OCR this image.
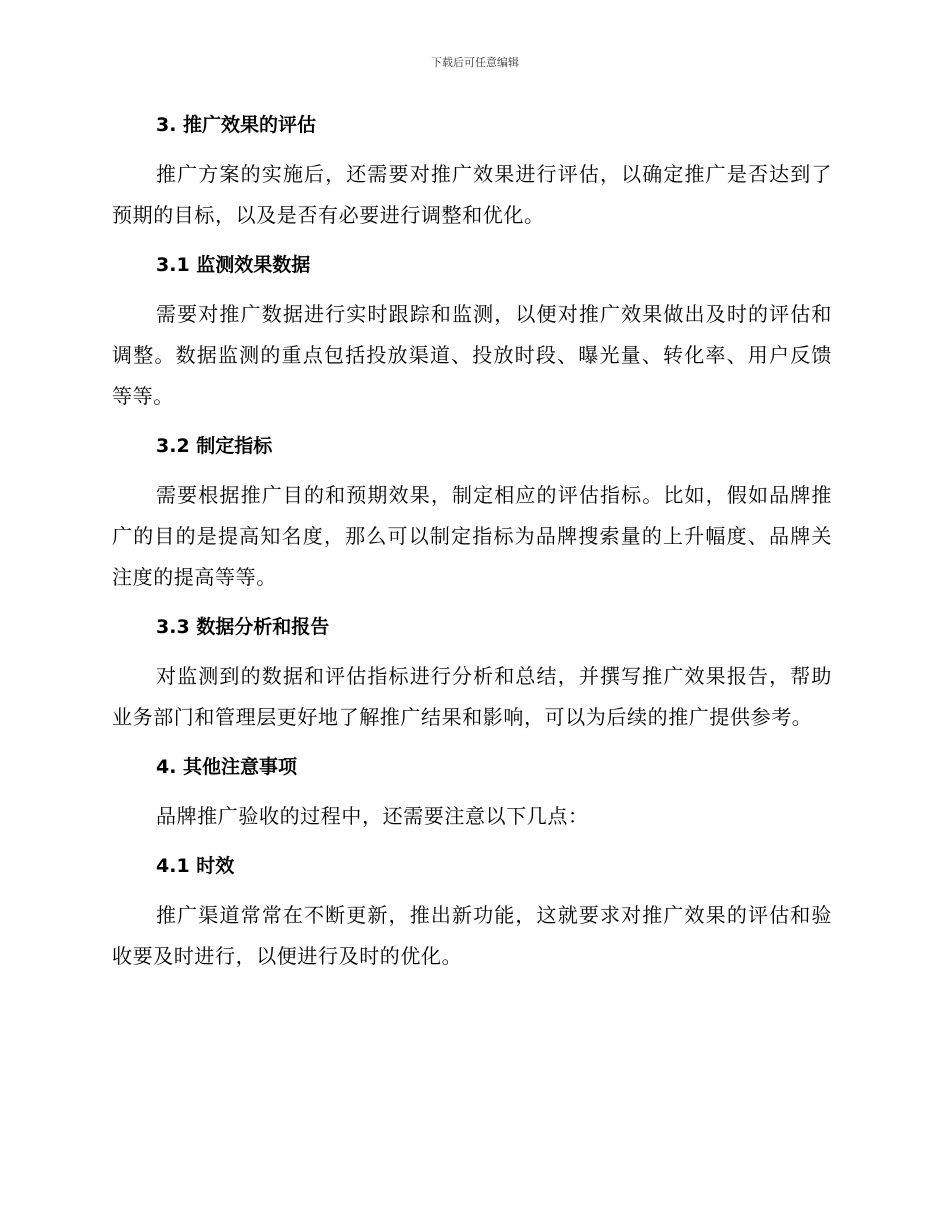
下载后可任意编辑
3. 推广效果的评估
推广方案的实施后，还需要对推广效果进行评估，以确定推广是否达到了预期的目标，以及是否有必要进行调整和优化。
3.1 监测效果数据
需要对推广数据进行实时跟踪和监测，以便对推广效果做出及时的评估和调整。数据监测的重点包括投放渠道、投放时段、曝光量、转化率、用户反馈等等。
3.2 制定指标
需要根据推广目的和预期效果，制定相应的评估指标。比如，假如品牌推广的目的是提高知名度，那么可以制定指标为品牌搜索量的上升幅度、品牌关注度的提高等等。
3.3 数据分析和报告
对监测到的数据和评估指标进行分析和总结，并撰写推广效果报告，帮助业务部门和管理层更好地了解推广结果和影响，可以为后续的推广提供参考。
4. 其他注意事项
品牌推广验收的过程中，还需要注意以下几点：
4.1 时效
推广渠道常常在不断更新，推出新功能，这就要求对推广效果的评估和验收要及时进行，以便进行及时的优化。
